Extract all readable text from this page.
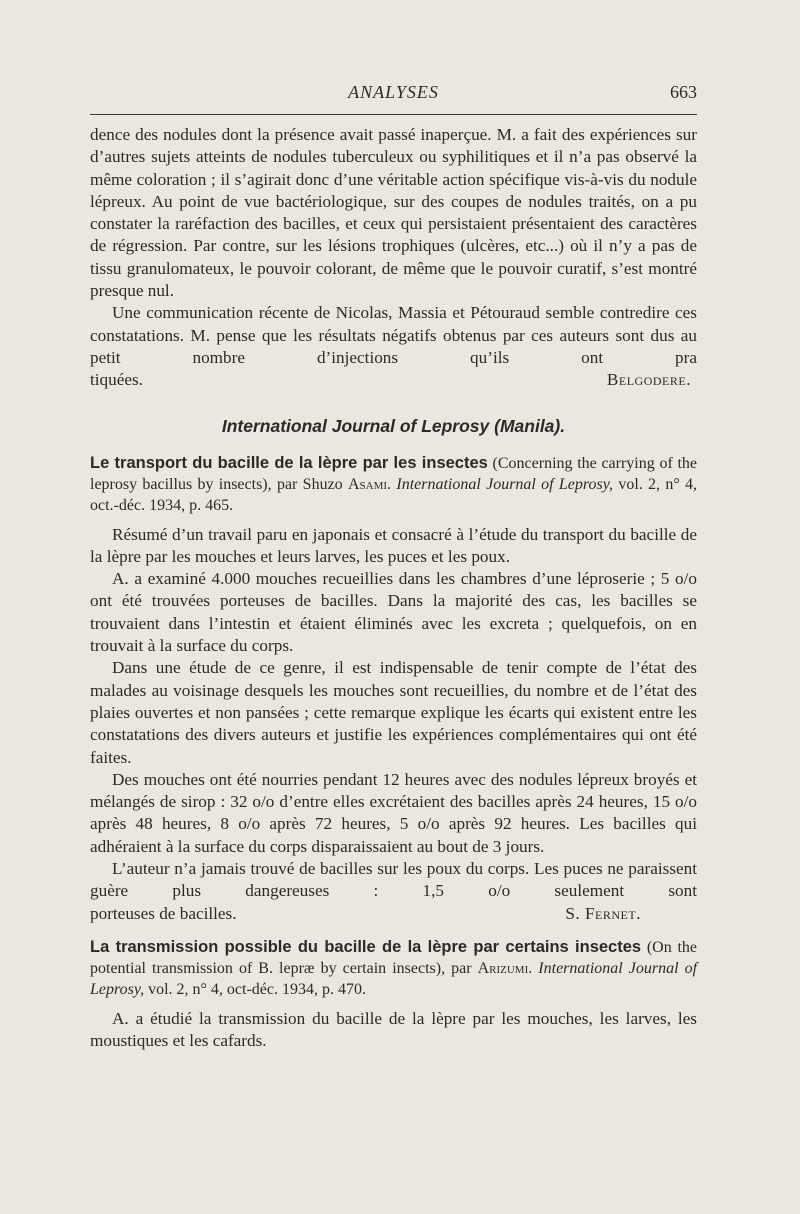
ANALYSES	663

dence des nodules dont la présence avait passé inaperçue. M. a fait des expériences sur d’autres sujets atteints de nodules tuberculeux ou syphilitiques et il n’a pas observé la même coloration ; il s’agirait donc d’une véritable action spécifique vis-à-vis du nodule lépreux. Au point de vue bactériologique, sur des coupes de nodules traités, on a pu constater la raréfaction des bacilles, et ceux qui persistaient présentaient des caractères de régression. Par contre, sur les lésions trophiques (ulcères, etc...) où il n’y a pas de tissu granulomateux, le pouvoir colorant, de même que le pouvoir curatif, s’est montré presque nul.

Une communication récente de Nicolas, Massia et Pétouraud semble contredire ces constatations. M. pense que les résultats négatifs obtenus par ces auteurs sont dus au petit nombre d’injections qu’ils ont pra

tiquées.	Belgodere.

International Journal of Leprosy (Manila).

Le transport du bacille de la lèpre par les insectes (Concerning the carrying of the leprosy bacillus by insects), par Shuzo Asami. International Journal of Leprosy, vol. 2, n° 4, oct.-déc. 1934, p. 465.

Résumé d’un travail paru en japonais et consacré à l’étude du transport du bacille de la lèpre par les mouches et leurs larves, les puces et les poux.

A. a examiné 4.000 mouches recueillies dans les chambres d’une léproserie ; 5 o/o ont été trouvées porteuses de bacilles. Dans la majorité des cas, les bacilles se trouvaient dans l’intestin et étaient éliminés avec les excreta ; quelquefois, on en trouvait à la surface du corps.

Dans une étude de ce genre, il est indispensable de tenir compte de l’état des malades au voisinage desquels les mouches sont recueillies, du nombre et de l’état des plaies ouvertes et non pansées ; cette remarque explique les écarts qui existent entre les constatations des divers auteurs et justifie les expériences complémentaires qui ont été faites.

Des mouches ont été nourries pendant 12 heures avec des nodules lépreux broyés et mélangés de sirop : 32 o/o d’entre elles excrétaient des bacilles après 24 heures, 15 o/o après 48 heures, 8 o/o après 72 heures, 5 o/o après 92 heures. Les bacilles qui adhéraient à la surface du corps disparaissaient au bout de 3 jours.

L’auteur n’a jamais trouvé de bacilles sur les poux du corps. Les puces ne paraissent guère plus dangereuses : 1,5 o/o seulement sont

porteuses de bacilles.	S. Fernet.

La transmission possible du bacille de la lèpre par certains insectes (On the potential transmission of B. lepræ by certain insects), par Arizumi. International Journal of Leprosy, vol. 2, n° 4, oct-déc. 1934, p. 470.

A. a étudié la transmission du bacille de la lèpre par les mouches, les larves, les moustiques et les cafards.
